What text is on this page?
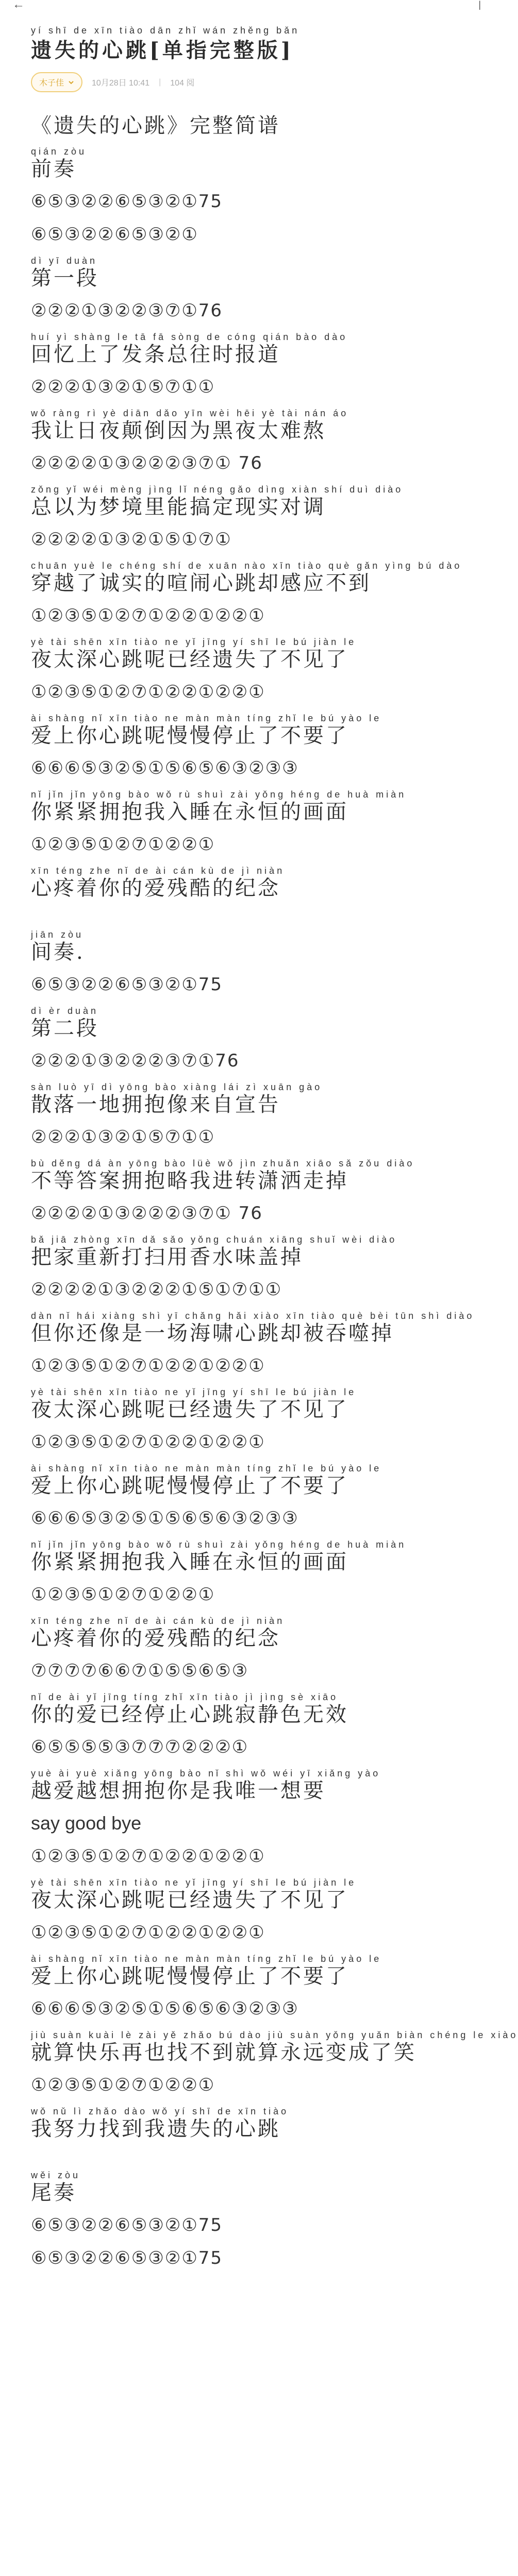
←	|
yí shī de xīn tiào dān zhǐ wán zhěng bǎn
遗失的心跳[单指完整版]
木子佳	10月28日 10:41 | 104 阅
《遗失的心跳》完整简谱
qián zòu
前奏
⑥⑤③②②⑥⑤③②①75
⑥⑤③②②⑥⑤③②①
dì yī duàn
第一段
②②②①③②②③⑦①76
huí yì shàng le tā fā sòng de cóng qián bào dào
回忆上了发条总往时报道
②②②①③②①⑤⑦①①
wǒ ràng rì yè diān dǎo yīn wèi hēi yè tài nán áo
我让日夜颠倒因为黑夜太难熬
②②②②①③②②②③⑦① 76
zǒng yǐ wéi mèng jìng lǐ néng gǎo dìng xiàn shí duì diào
总以为梦境里能搞定现实对调
②②②②①③②①⑤①⑦①
chuān yuè le chéng shí de xuān nào xīn tiào què gǎn yìng bú dào
穿越了诚实的喧闹心跳却感应不到
①②③⑤①②⑦①②②①②②①
yè tài shēn xīn tiào ne yǐ jīng yí shī le bú jiàn le
夜太深心跳呢已经遗失了不见了
①②③⑤①②⑦①②②①②②①
ài shàng nǐ xīn tiào ne màn màn tíng zhǐ le bú yào le
爱上你心跳呢慢慢停止了不要了
⑥⑥⑥⑤③②⑤①⑤⑥⑤⑥③②③③
nǐ jǐn jǐn yōng bào wǒ rù shuì zài yǒng héng de huà miàn
你紧紧拥抱我入睡在永恒的画面
①②③⑤①②⑦①②②①
xīn téng zhe nǐ de ài cán kù de jì niàn
心疼着你的爱残酷的纪念
jiān zòu
间奏.
⑥⑤③②②⑥⑤③②①75
dì èr duàn
第二段
②②②①③②②②③⑦①76
sàn luò yī dì yōng bào xiàng lái zì xuān gào
散落一地拥抱像来自宣告
②②②①③②①⑤⑦①①
bù děng dá àn yōng bào lüè wǒ jìn zhuǎn xiāo sǎ zǒu diào
不等答案拥抱略我进转潇洒走掉
②②②②①③②②②③⑦① 76
bǎ jiā zhòng xīn dǎ sǎo yǒng chuán xiāng shuǐ wèi diào
把家重新打扫用香水味盖掉
②②②②①③②②②①⑤①⑦①①
dàn nǐ hái xiàng shì yī chǎng hǎi xiào xīn tiào què bèi tūn shì diào
但你还像是一场海啸心跳却被吞噬掉
①②③⑤①②⑦①②②①②②①
yè tài shēn xīn tiào ne yǐ jīng yí shī le bú jiàn le
夜太深心跳呢已经遗失了不见了
①②③⑤①②⑦①②②①②②①
ài shàng nǐ xīn tiào ne màn màn tíng zhǐ le bú yào le
爱上你心跳呢慢慢停止了不要了
⑥⑥⑥⑤③②⑤①⑤⑥⑤⑥③②③③
nǐ jǐn jǐn yōng bào wǒ rù shuì zài yǒng héng de huà miàn
你紧紧拥抱我入睡在永恒的画面
①②③⑤①②⑦①②②①
xīn téng zhe nǐ de ài cán kù de jì niàn
心疼着你的爱残酷的纪念
⑦⑦⑦⑦⑥⑥⑦①⑤⑤⑥⑤③
nǐ de ài yǐ jīng tíng zhǐ xīn tiào jì jìng sè xiāo
你的爱已经停止心跳寂静色无效
⑥⑤⑤⑤⑤③⑦⑦⑦②②②①
yuè ài yuè xiǎng yōng bào nǐ shì wǒ wéi yī xiǎng yào
越爱越想拥抱你是我唯一想要
say good bye
①②③⑤①②⑦①②②①②②①
yè tài shēn xīn tiào ne yǐ jīng yí shī le bú jiàn le
夜太深心跳呢已经遗失了不见了
①②③⑤①②⑦①②②①②②①
ài shàng nǐ xīn tiào ne màn màn tíng zhǐ le bú yào le
爱上你心跳呢慢慢停止了不要了
⑥⑥⑥⑤③②⑤①⑤⑥⑤⑥③②③③
jiù suàn kuài lè zài yě zhǎo bú dào jiù suàn yǒng yuǎn biàn chéng le xiào
就算快乐再也找不到就算永远变成了笑
①②③⑤①②⑦①②②①
wǒ nǔ lì zhǎo dào wǒ yí shī de xīn tiào
我努力找到我遗失的心跳
wěi zòu
尾奏
⑥⑤③②②⑥⑤③②①75
⑥⑤③②②⑥⑤③②①75
